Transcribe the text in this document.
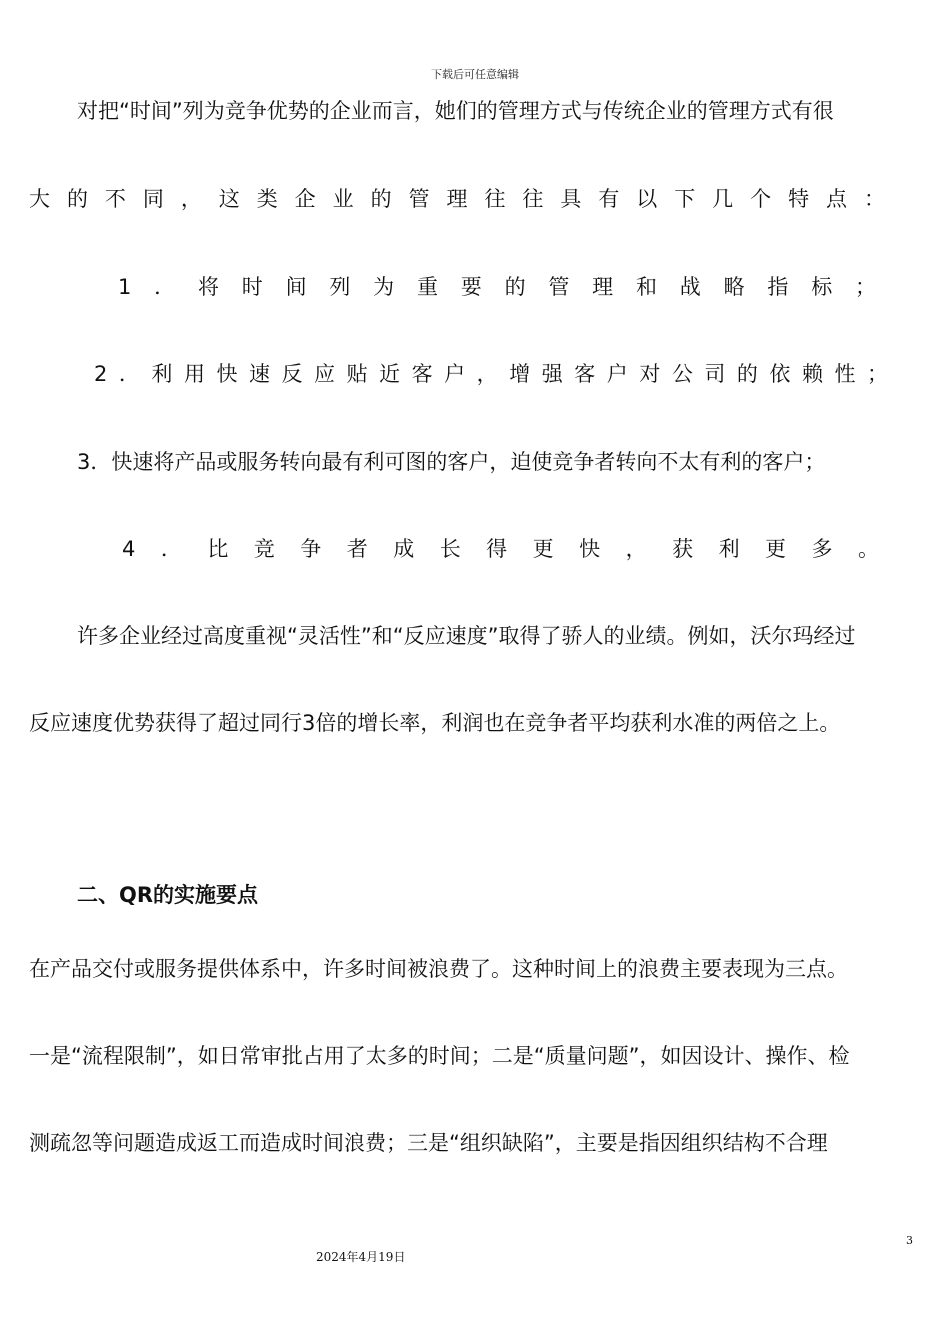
下载后可任意编辑
对把“时间”列为竞争优势的企业而言，她们的管理方式与传统企业的管理方式有很
大的不同，这类企业的管理往往具有以下几个特点：
1．将时间列为重要的管理和战略指标；
2．利用快速反应贴近客户，增强客户对公司的依赖性；
3．快速将产品或服务转向最有利可图的客户，迫使竞争者转向不太有利的客户；
4．比竞争者成长得更快，获利更多。
许多企业经过高度重视“灵活性”和“反应速度”取得了骄人的业绩。例如，沃尔玛经过
反应速度优势获得了超过同行3倍的增长率，利润也在竞争者平均获利水准的两倍之上。
二、QR的实施要点
在产品交付或服务提供体系中，许多时间被浪费了。这种时间上的浪费主要表现为三点。
一是“流程限制”，如日常审批占用了太多的时间；二是“质量问题”，如因设计、操作、检
测疏忽等问题造成返工而造成时间浪费；三是“组织缺陷”，主要是指因组织结构不合理
3
2024年4月19日
